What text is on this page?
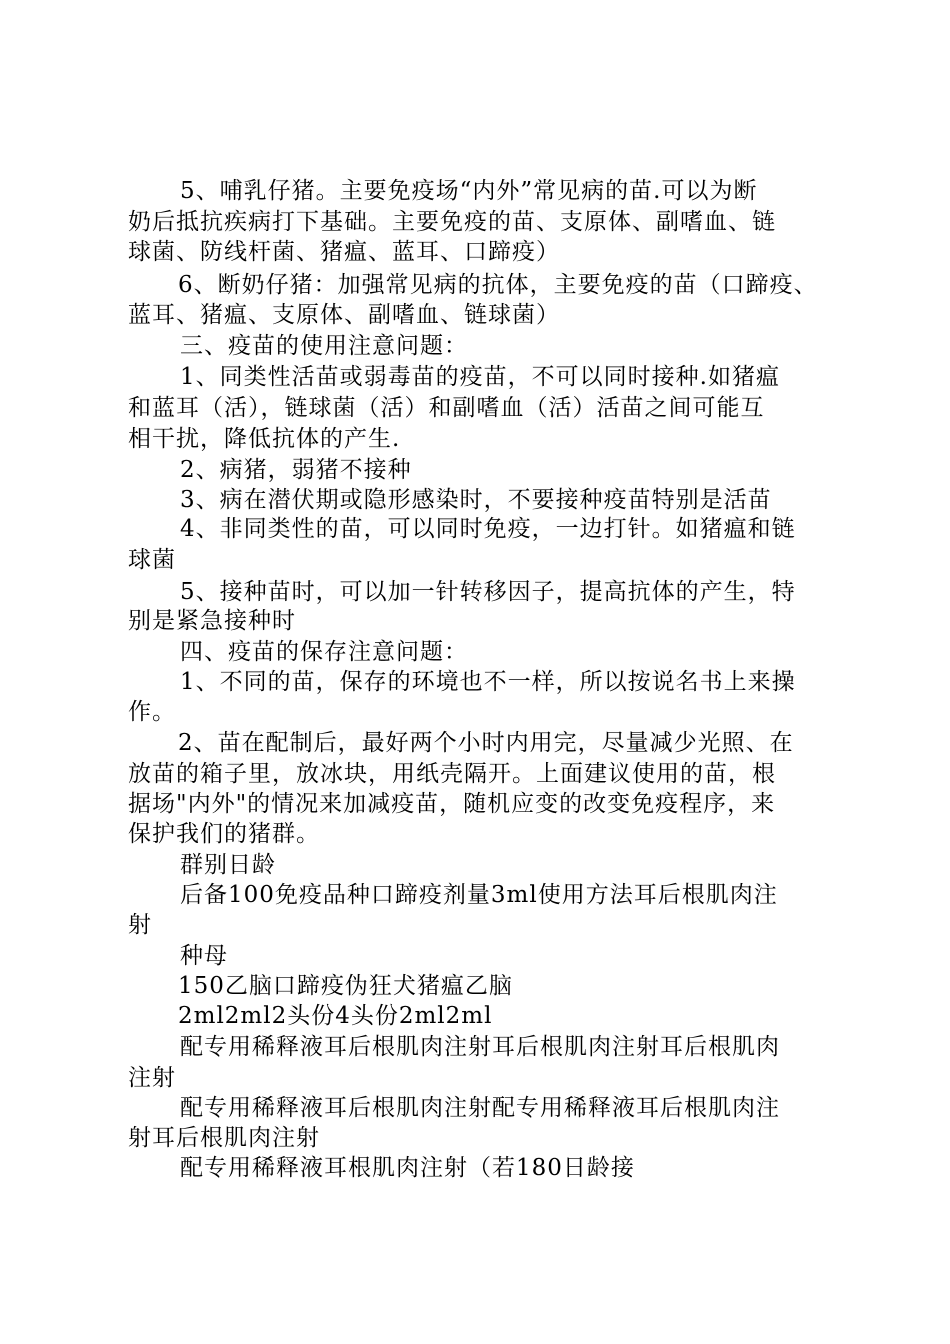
5、哺乳仔猪。主要免疫场“内外”常见病的苗.可以为断
奶后抵抗疾病打下基础。主要免疫的苗、支原体、副嗜血、链
球菌、防线杆菌、猪瘟、蓝耳、口蹄疫）
6、断奶仔猪：加强常见病的抗体，主要免疫的苗（口蹄疫、
蓝耳、猪瘟、支原体、副嗜血、链球菌）
三、疫苗的使用注意问题：
1、同类性活苗或弱毒苗的疫苗，不可以同时接种.如猪瘟
和蓝耳（活），链球菌（活）和副嗜血（活）活苗之间可能互
相干扰，降低抗体的产生.
2、病猪，弱猪不接种
3、病在潜伏期或隐形感染时，不要接种疫苗特别是活苗
4、非同类性的苗，可以同时免疫，一边打针。如猪瘟和链
球菌
5、接种苗时，可以加一针转移因子，提高抗体的产生，特
别是紧急接种时
四、疫苗的保存注意问题：
1、不同的苗，保存的环境也不一样，所以按说名书上来操
作。
2、苗在配制后，最好两个小时内用完，尽量减少光照、在
放苗的箱子里，放冰块，用纸壳隔开。上面建议使用的苗，根
据场"内外"的情况来加减疫苗，随机应变的改变免疫程序，来
保护我们的猪群。
群别日龄
后备100免疫品种口蹄疫剂量3ml使用方法耳后根肌肉注
射
种母
150乙脑口蹄疫伪狂犬猪瘟乙脑
2ml2ml2头份4头份2ml2ml
配专用稀释液耳后根肌肉注射耳后根肌肉注射耳后根肌肉
注射
配专用稀释液耳后根肌肉注射配专用稀释液耳后根肌肉注
射耳后根肌肉注射
配专用稀释液耳根肌肉注射（若180日龄接
